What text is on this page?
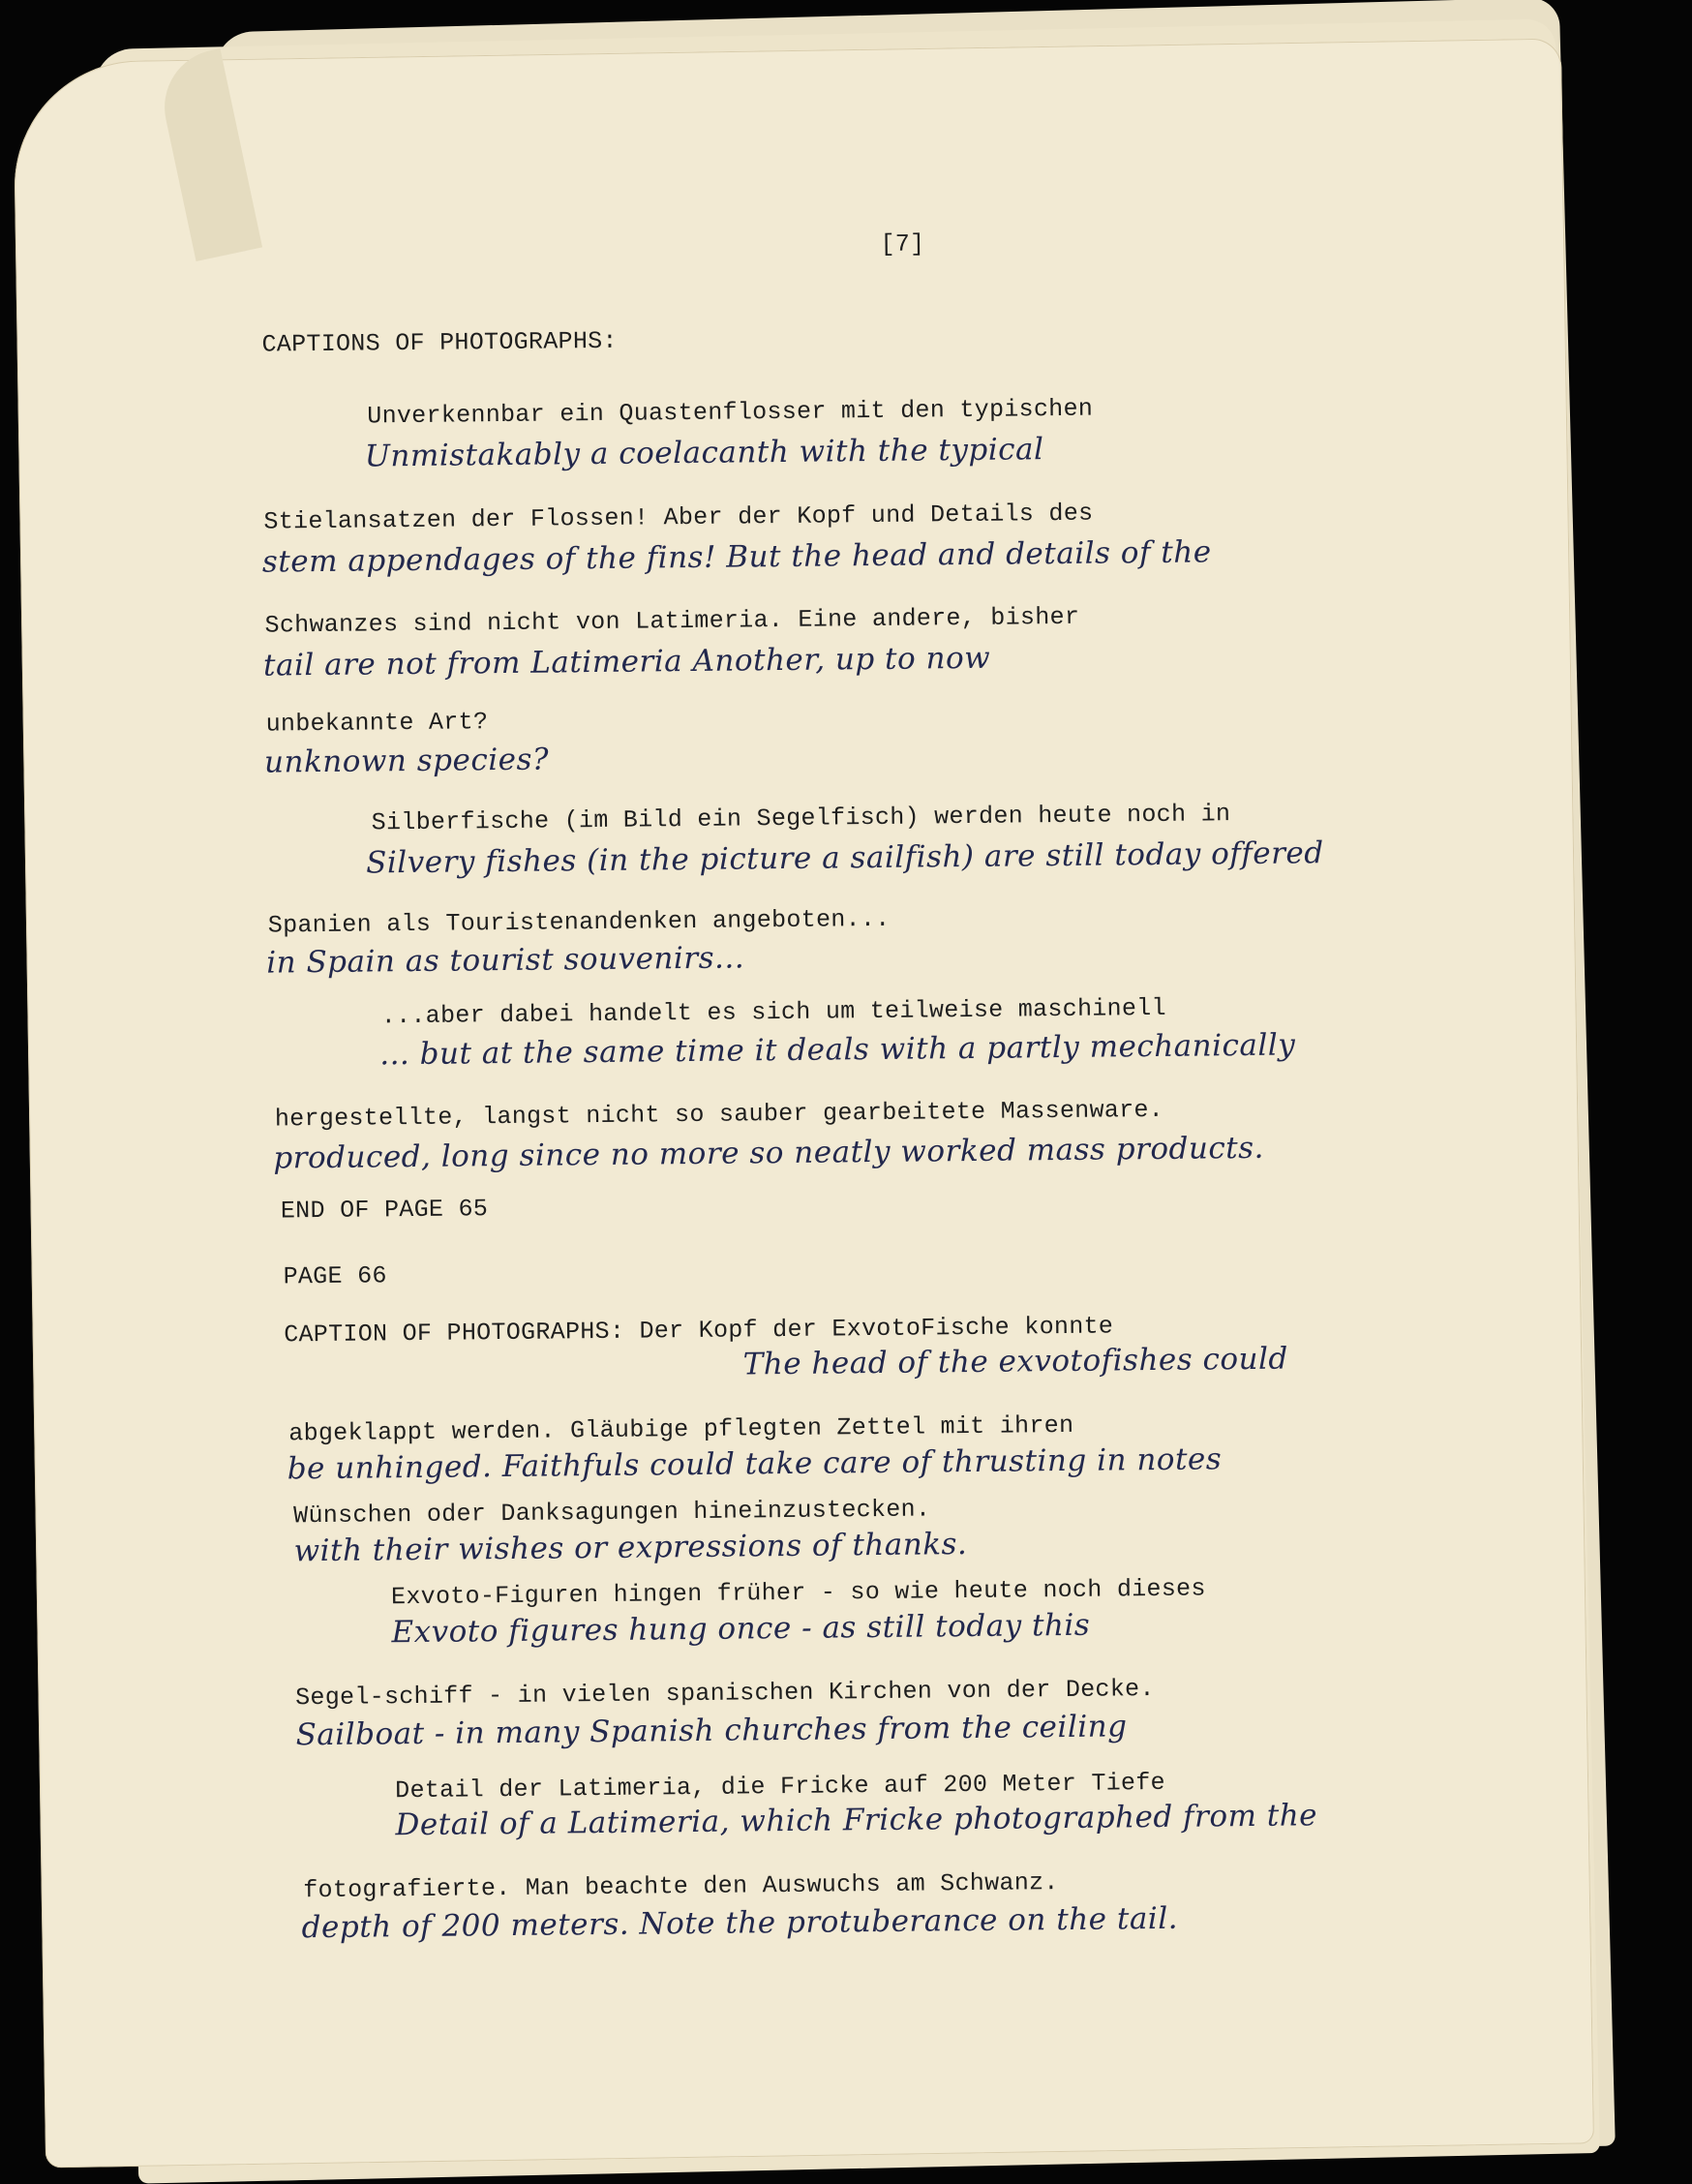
[7]
CAPTIONS OF PHOTOGRAPHS:
Unverkennbar ein Quastenflosser mit den typischen
Unmistakably a coelacanth with the typical
Stielansatzen der Flossen! Aber der Kopf und Details des
stem appendages of the fins! But the head and details of the
Schwanzes sind nicht von Latimeria. Eine andere, bisher
tail are not from Latimeria Another, up to now
unbekannte Art?
unknown species?
Silberfische (im Bild ein Segelfisch) werden heute noch in
Silvery fishes (in the picture a sailfish) are still today offered
Spanien als Touristenandenken angeboten...
in Spain as tourist souvenirs...
...aber dabei handelt es sich um teilweise maschinell
... but at the same time it deals with a partly mechanically
hergestellte, langst nicht so sauber gearbeitete Massenware.
produced, long since no more so neatly worked mass products.
END OF PAGE 65
PAGE 66
CAPTION OF PHOTOGRAPHS: Der Kopf der ExvotoFische konnte
The head of the exvotofishes could
abgeklappt werden. Gläubige pflegten Zettel mit ihren
be unhinged. Faithfuls could take care of thrusting in notes
Wünschen oder Danksagungen hineinzustecken.
with their wishes or expressions of thanks.
Exvoto-Figuren hingen früher - so wie heute noch dieses
Exvoto figures hung once - as still today this
Segel-schiff - in vielen spanischen Kirchen von der Decke.
Sailboat - in many Spanish churches from the ceiling
Detail der Latimeria, die Fricke auf 200 Meter Tiefe
Detail of a Latimeria, which Fricke photographed from the
fotografierte. Man beachte den Auswuchs am Schwanz.
depth of 200 meters. Note the protuberance on the tail.
